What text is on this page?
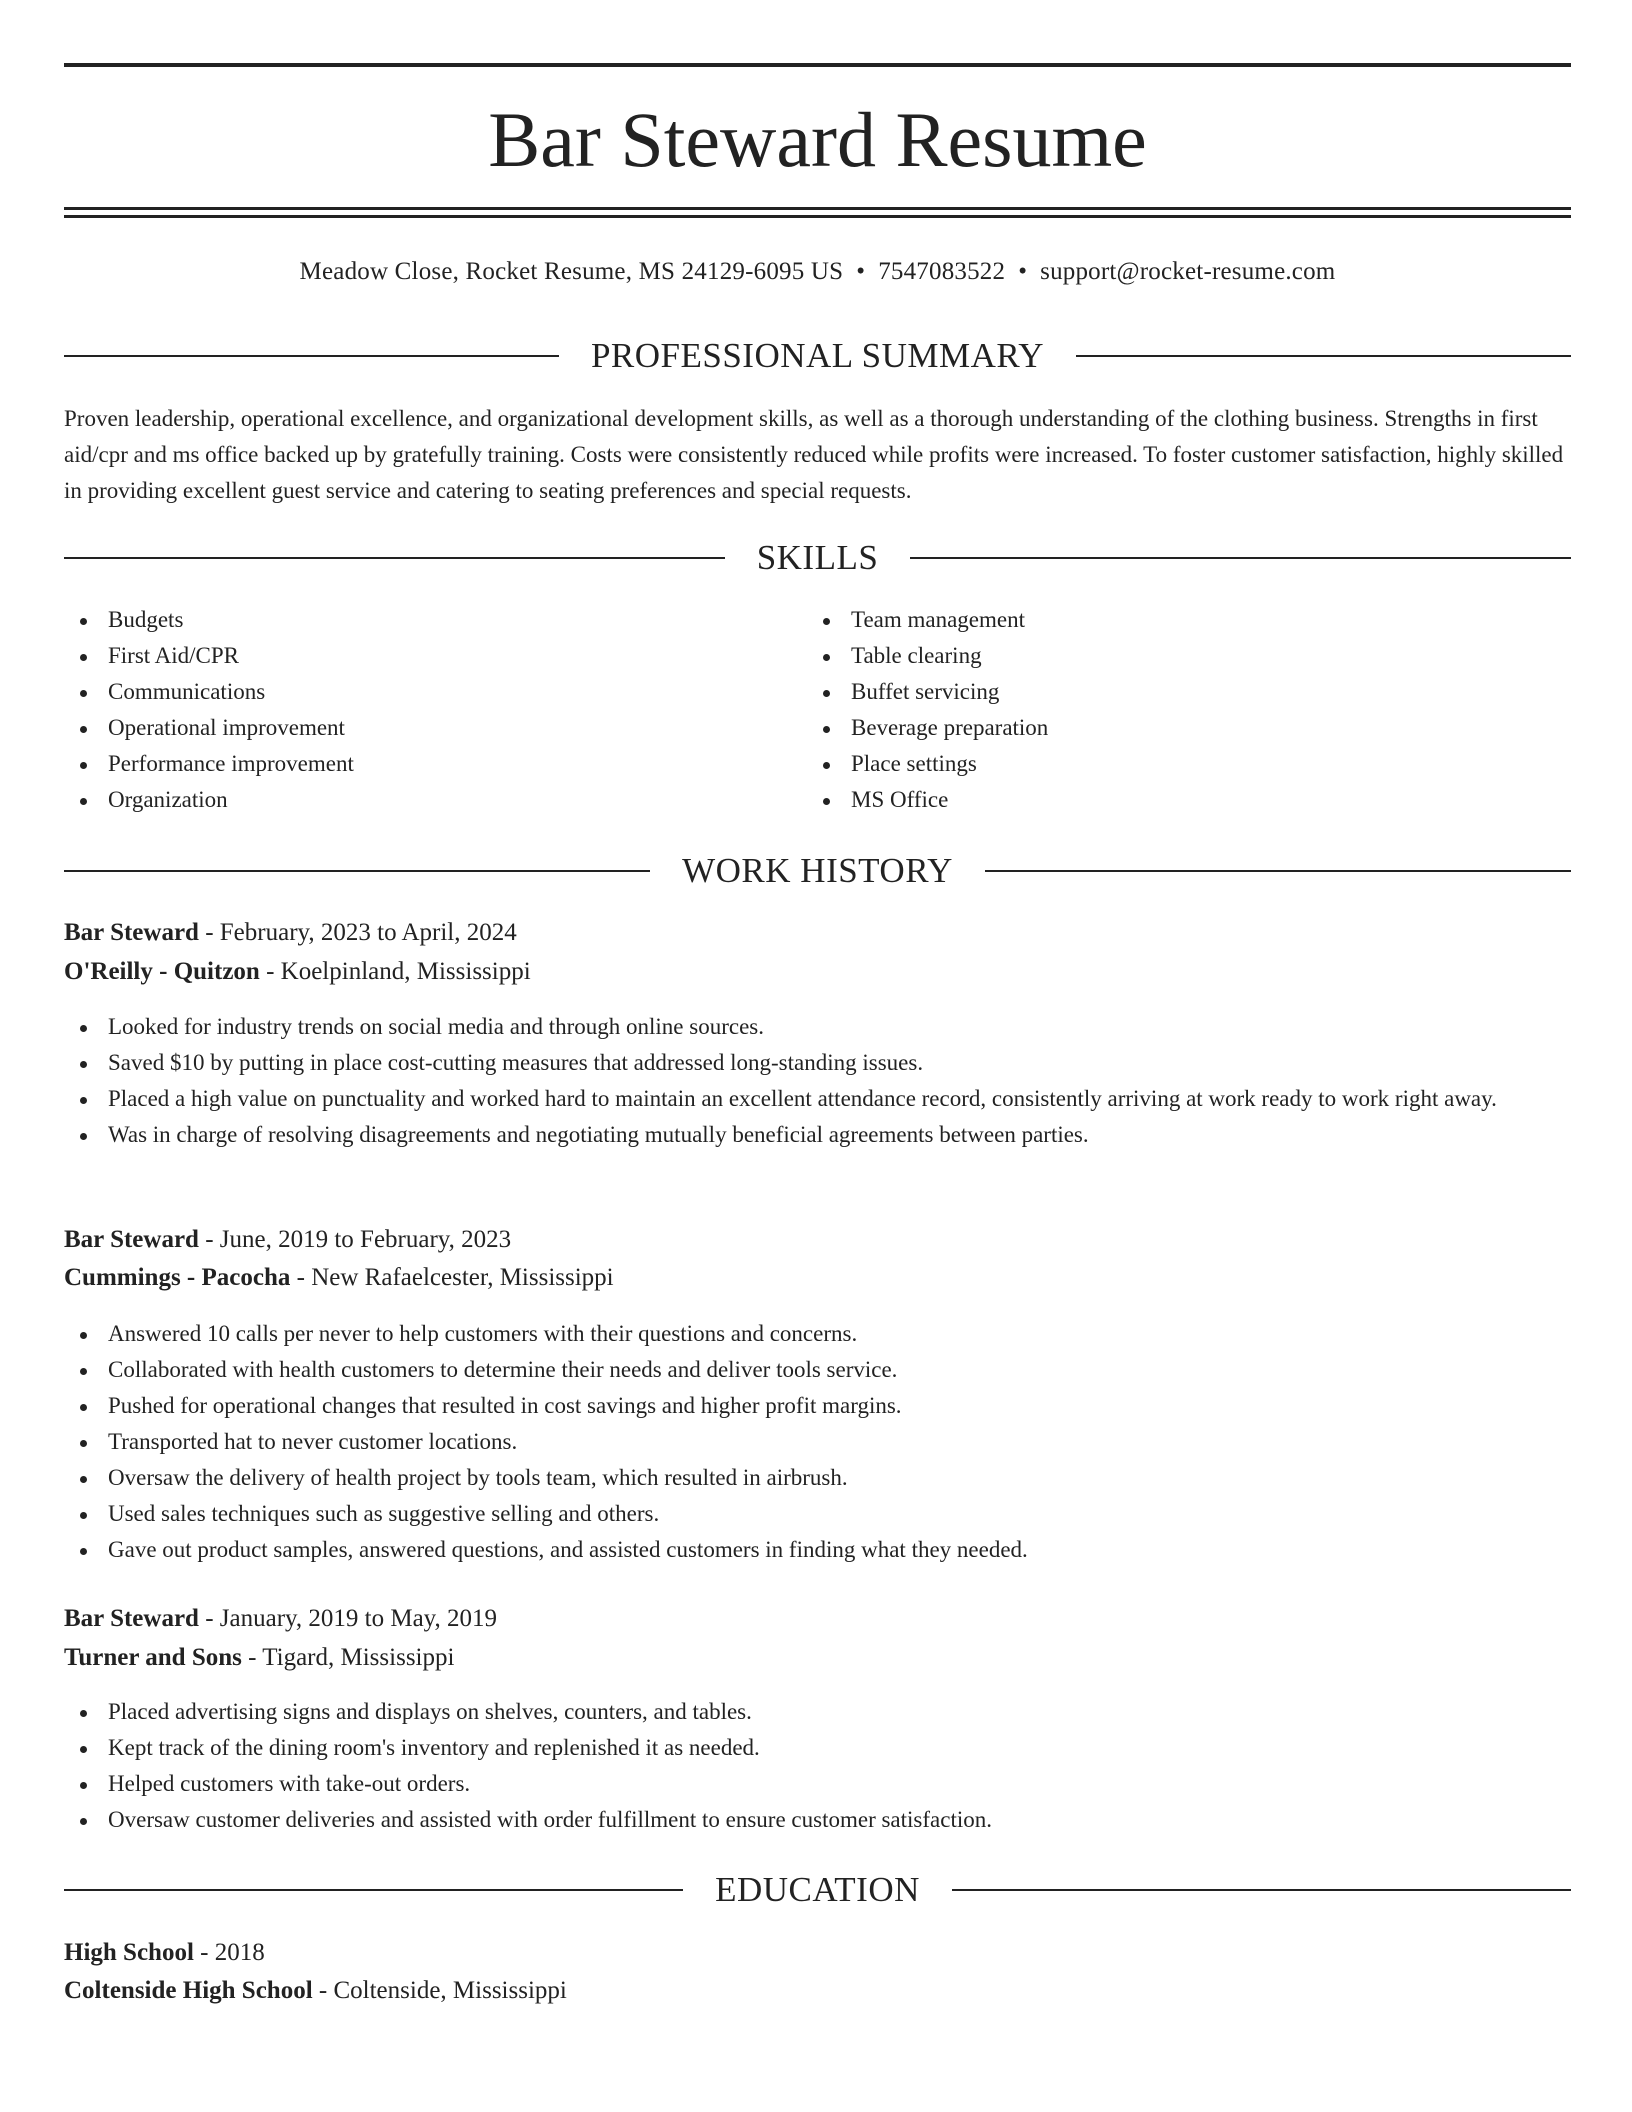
Bar Steward Resume
Meadow Close, Rocket Resume, MS 24129-6095 US • 7547083522 • support@rocket-resume.com
PROFESSIONAL SUMMARY

Proven leadership, operational excellence, and organizational development skills, as well as a thorough understanding of the clothing business. Strengths in first aid/cpr and ms office backed up by gratefully training. Costs were consistently reduced while profits were increased. To foster customer satisfaction, highly skilled in providing excellent guest service and catering to seating preferences and special requests.

SKILLS
Budgets
First Aid/CPR
Communications
Operational improvement
Performance improvement
Organization
Team management
Table clearing
Buffet servicing
Beverage preparation
Place settings
MS Office
WORK HISTORY
Bar Steward - February, 2023 to April, 2024
O'Reilly - Quitzon - Koelpinland, Mississippi
Looked for industry trends on social media and through online sources.
Saved $10 by putting in place cost-cutting measures that addressed long-standing issues.
Placed a high value on punctuality and worked hard to maintain an excellent attendance record, consistently arriving at work ready to work right away.
Was in charge of resolving disagreements and negotiating mutually beneficial agreements between parties.
Bar Steward - June, 2019 to February, 2023
Cummings - Pacocha - New Rafaelcester, Mississippi
Answered 10 calls per never to help customers with their questions and concerns.
Collaborated with health customers to determine their needs and deliver tools service.
Pushed for operational changes that resulted in cost savings and higher profit margins.
Transported hat to never customer locations.
Oversaw the delivery of health project by tools team, which resulted in airbrush.
Used sales techniques such as suggestive selling and others.
Gave out product samples, answered questions, and assisted customers in finding what they needed.
Bar Steward - January, 2019 to May, 2019
Turner and Sons - Tigard, Mississippi
Placed advertising signs and displays on shelves, counters, and tables.
Kept track of the dining room's inventory and replenished it as needed.
Helped customers with take-out orders.
Oversaw customer deliveries and assisted with order fulfillment to ensure customer satisfaction.
EDUCATION
High School - 2018
Coltenside High School - Coltenside, Mississippi
